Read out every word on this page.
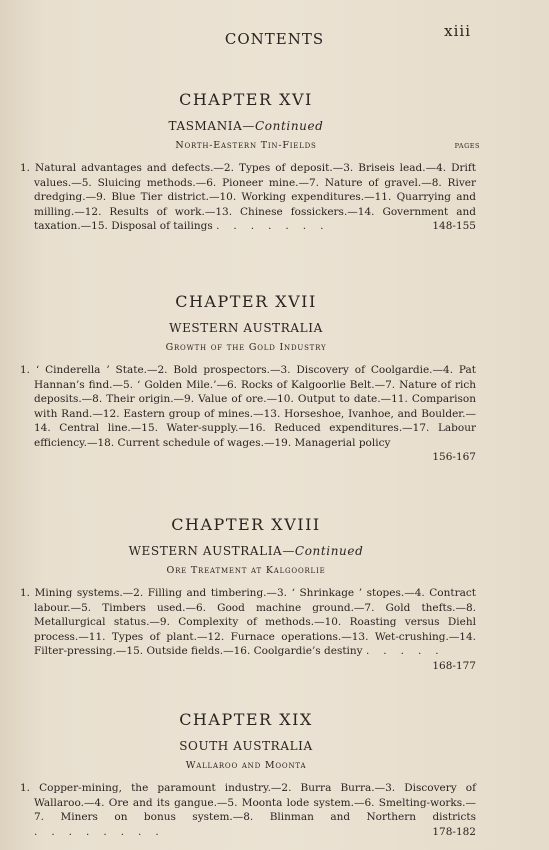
CONTENTS	xiii
CHAPTER XVI
TASMANIA—Continued
North-Eastern Tin-Fields	PAGES
1. Natural advantages and defects.—2. Types of deposit.—3. Briseis lead.—4. Drift values.—5. Sluicing methods.—6. Pioneer mine.—7. Nature of gravel.—8. River dredging.—9. Blue Tier district.—10. Working expenditures.—11. Quarrying and milling.—12. Results of work.—13. Chinese fossickers.—14. Government and taxation.—15. Disposal of tailings .......	148-155
CHAPTER XVII
WESTERN AUSTRALIA
Growth of the Gold Industry
1. ‘ Cinderella ’ State.—2. Bold prospectors.—3. Discovery of Coolgardie.—4. Pat Hannan’s find.—5. ‘ Golden Mile.’—6. Rocks of Kalgoorlie Belt.—7. Nature of rich deposits.—8. Their origin.—9. Value of ore.—10. Output to date.—11. Comparison with Rand.—12. Eastern group of mines.—13. Horseshoe, Ivanhoe, and Boulder.—14. Central line.—15. Water-supply.—16. Reduced expenditures.—17. Labour efficiency.—18. Current schedule of wages.—19. Managerial policy
156-167
CHAPTER XVIII
WESTERN AUSTRALIA—Continued
Ore Treatment at Kalgoorlie
1. Mining systems.—2. Filling and timbering.—3. ‘ Shrinkage ’ stopes.—4. Contract labour.—5. Timbers used.—6. Good machine ground.—7. Gold thefts.—8. Metallurgical status.—9. Complexity of methods.—10. Roasting versus Diehl process.—11. Types of plant.—12. Furnace operations.—13. Wet-crushing.—14. Filter-pressing.—15. Outside fields.—16. Coolgardie’s destiny .....
168-177
CHAPTER XIX
SOUTH AUSTRALIA
Wallaroo and Moonta
1. Copper-mining, the paramount industry.—2. Burra Burra.—3. Discovery of Wallaroo.—4. Ore and its gangue.—5. Moonta lode system.—6. Smelting-works.—7. Miners on bonus system.—8. Blinman and Northern districts ........	178-182
